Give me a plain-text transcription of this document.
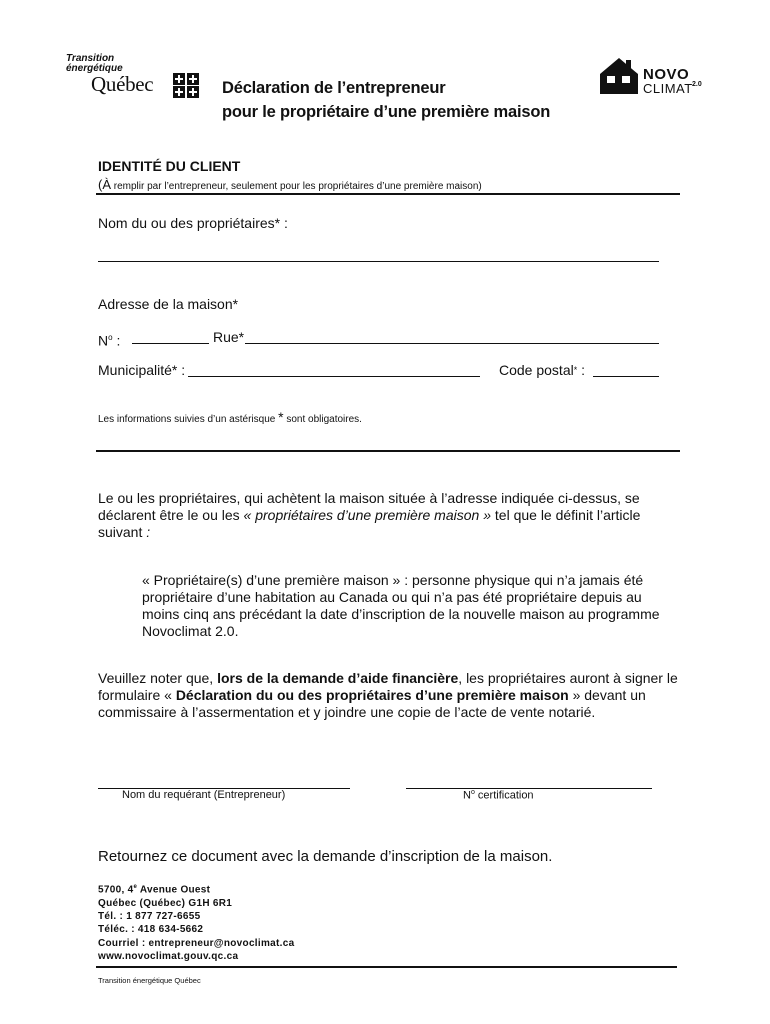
Transition
énergétique
Québec	Déclaration de l’entrepreneur
pour le propriétaire d’une première maison
NOVO
CLIMAT 2.0
IDENTITÉ DU CLIENT
(À remplir par l’entrepreneur, seulement pour les propriétaires d’une première maison)
Nom du ou des propriétaires* :
Adresse de la maison*
$N^o$ :	Rue*
Municipalité* :	Code postal* :
Les informations suivies d’un astérisque * sont obligatoires.
Le ou les propriétaires, qui achètent la maison située à l’adresse indiquée ci-dessus, se déclarent être le ou les « propriétaires d’une première maison » tel que le définit l’article suivant :
« Propriétaire(s) d’une première maison » : personne physique qui n’a jamais été propriétaire d’une habitation au Canada ou qui n’a pas été propriétaire depuis au moins cinq ans précédant la date d’inscription de la nouvelle maison au programme Novoclimat 2.0.
Veuillez noter que, lors de la demande d’aide financière, les propriétaires auront à signer le formulaire « Déclaration du ou des propriétaires d’une première maison » devant un commissaire à l’assermentation et y joindre une copie de l’acte de vente notarié.
Nom du requérant (Entrepreneur)	$N^o$ certification
Retournez ce document avec la demande d’inscription de la maison.
5700, 4e Avenue Ouest
Québec (Québec) G1H 6R1
Tél. : 1 877 727-6655
Téléc. : 418 634-5662
Courriel : entrepreneur@novoclimat.ca
www.novoclimat.gouv.qc.ca
Transition énergétique Québec
